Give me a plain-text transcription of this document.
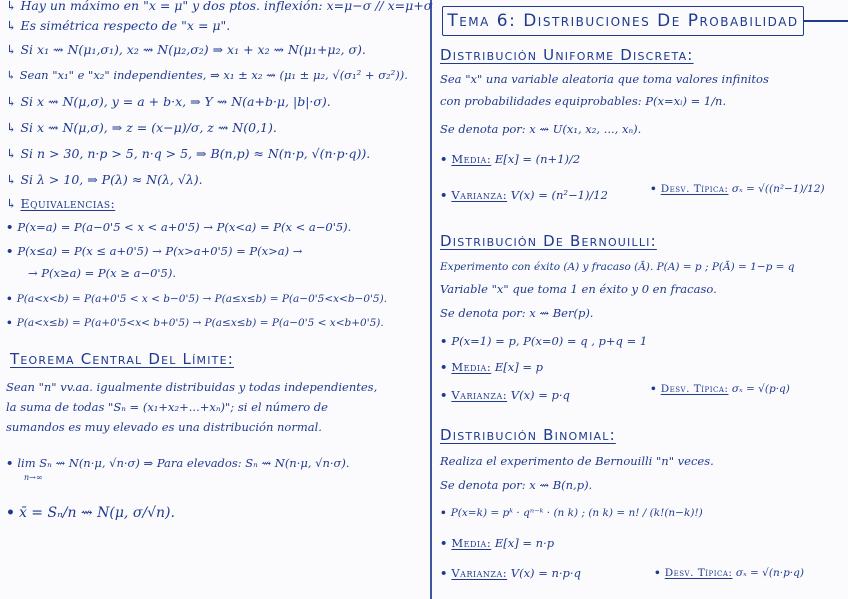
↳ Hay un máximo en "x = μ" y dos ptos. inflexión: x=μ−σ // x=μ+σ
↳ Es simétrica respecto de "x = μ".
↳ Si x₁ ⇝ N(μ₁,σ₁), x₂ ⇝ N(μ₂,σ₂) ⇒ x₁ + x₂ ⇝ N(μ₁+μ₂, σ).
↳ Sean "x₁" e "x₂" independientes, ⇒ x₁ ± x₂ ⇝ (μ₁ ± μ₂, √(σ₁² + σ₂²)).
↳ Si x ⇝ N(μ,σ), y = a + b·x, ⇒ Y ⇝ N(a+b·μ, |b|·σ).
↳ Si x ⇝ N(μ,σ), ⇒ z = (x−μ)/σ, z ⇝ N(0,1).
↳ Si n > 30, n·p > 5, n·q > 5, ⇒ B(n,p) ≈ N(n·p, √(n·p·q)).
↳ Si λ > 10, ⇒ P(λ) ≈ N(λ, √λ).
↳ Equivalencias:
• P(x=a) = P(a−0'5 < x < a+0'5) → P(x<a) = P(x < a−0'5).
• P(x≤a) = P(x ≤ a+0'5) → P(x>a+0'5) = P(x>a) →
→ P(x≥a) = P(x ≥ a−0'5).
• P(a<x<b) = P(a+0'5 < x < b−0'5) → P(a≤x≤b) = P(a−0'5<x<b−0'5).
• P(a<x≤b) = P(a+0'5<x< b+0'5) → P(a≤x≤b) = P(a−0'5 < x<b+0'5).
Teorema Central Del Límite:
Sean "n" vv.aa. igualmente distribuidas y todas independientes,
la suma de todas "Sₙ = (x₁+x₂+...+xₙ)"; si el número de
sumandos es muy elevado es una distribución normal.
• lim Sₙ ⇝ N(n·μ, √n·σ) ⇒ Para elevados: Sₙ ⇝ N(n·μ, √n·σ).
n→∞
• x̄ = Sₙ/n ⇝ N(μ, σ/√n).
Tema 6: Distribuciones De Probabilidad
Distribución Uniforme Discreta:
Sea "x" una variable aleatoria que toma valores infinitos
con probabilidades equiprobables: P(x=xᵢ) = 1/n.
Se denota por: x ⇝ U(x₁, x₂, ..., xₙ).
• Media: E[x] = (n+1)/2
• Varianza: V(x) = (n²−1)/12	• Desv. Típica: σₓ = √((n²−1)/12)
Distribución De Bernouilli:
Experimento con éxito (A) y fracaso (Ā). P(A) = p ; P(Ā) = 1−p = q
Variable "x" que toma 1 en éxito y 0 en fracaso.
Se denota por: x ⇝ Ber(p).
• P(x=1) = p, P(x=0) = q , p+q = 1
• Media: E[x] = p
• Varianza: V(x) = p·q	• Desv. Típica: σₓ = √(p·q)
Distribución Binomial:
Realiza el experimento de Bernouilli "n" veces.
Se denota por: x ⇝ B(n,p).
• P(x=k) = pᵏ · qⁿ⁻ᵏ · (n k) ; (n k) = n! / (k!(n−k)!)
• Media: E[x] = n·p
• Varianza: V(x) = n·p·q	• Desv. Típica: σₓ = √(n·p·q)
